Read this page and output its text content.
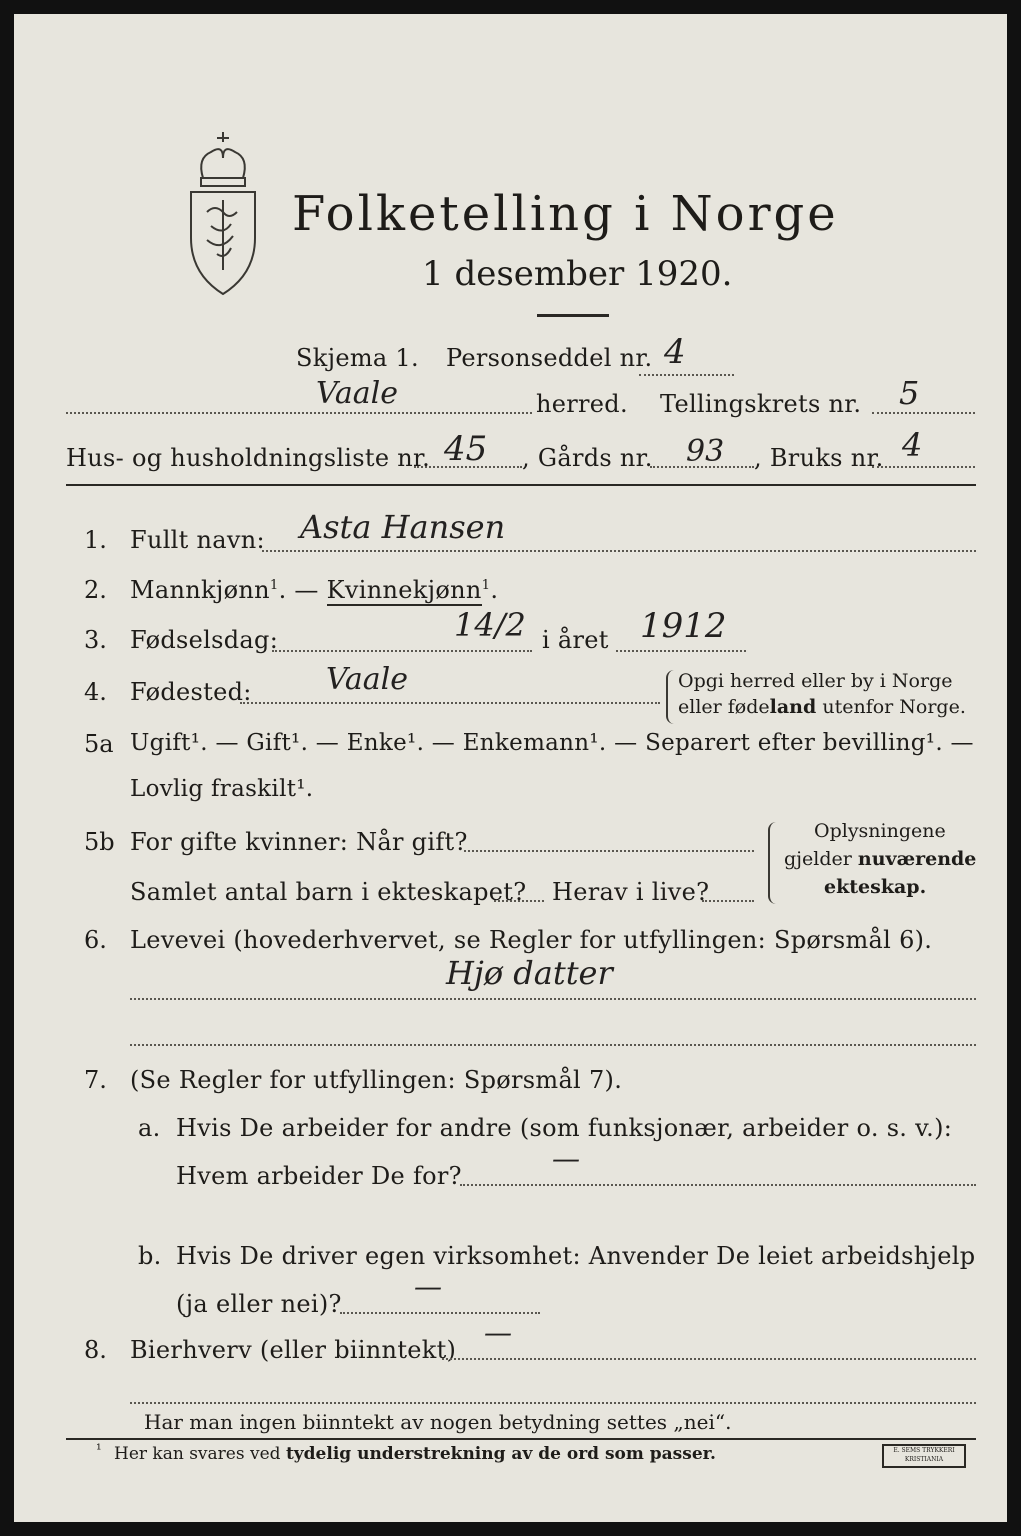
Folketelling i Norge
1 desember 1920.
Skjema 1. Personseddel nr. 4
Vaale	herred. Tellingskrets nr. 5
Hus- og husholdningsliste nr. 45 , Gårds nr. 93 , Bruks nr. 4
1. Fullt navn: Asta Hansen
2. Mannkjønn$^1$. — Kvinnekjønn$^1$.
3. Fødselsdag:	14/2 i året 1912
4. Fødested: Vaale	Opgi herred eller by i Norge
eller fødeland utenfor Norge.
5a Ugift¹. — Gift¹. — Enke¹. — Enkemann¹. — Separert efter bevilling¹. —
Lovlig fraskilt¹.
5b For gifte kvinner: Når gift?
Samlet antal barn i ekteskapet? Herav i live?
Oplysningene
gjelder nuværende
ekteskap.
6. Levevei (hovederhvervet, se Regler for utfyllingen: Spørsmål 6).
Hjø datter
7. (Se Regler for utfyllingen: Spørsmål 7).
a. Hvis De arbeider for andre (som funksjonær, arbeider o. s. v.):
Hvem arbeider De for?
—
b. Hvis De driver egen virksomhet: Anvender De leiet arbeidshjelp
(ja eller nei)?
—
8. Bierhverv (eller biinntekt)
—
Har man ingen biinntekt av nogen betydning settes „nei“.
¹ Her kan svares ved tydelig understrekning av de ord som passer.	E. SEMS TRYKKERI KRISTIANIA
